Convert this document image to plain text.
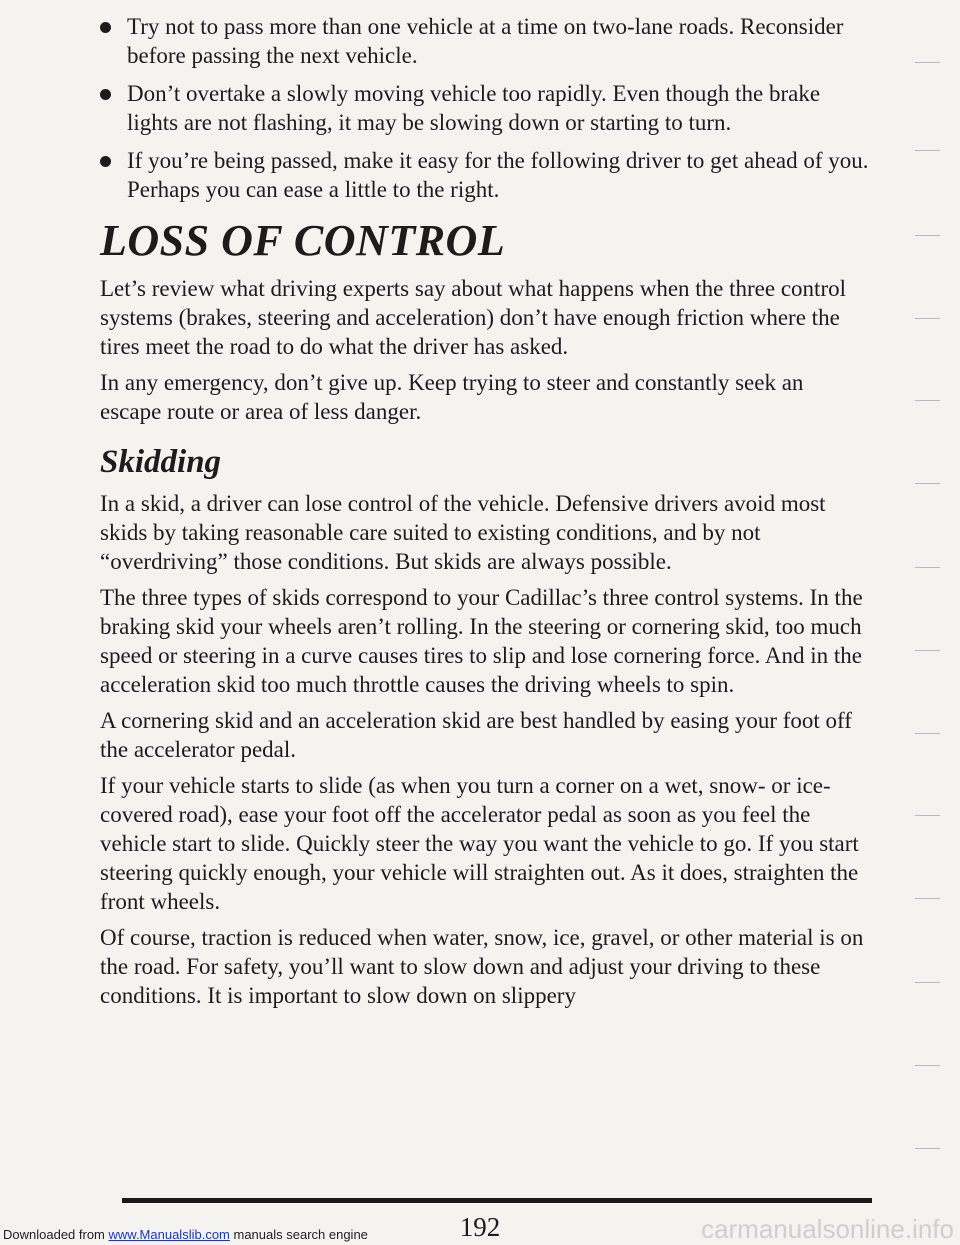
Try not to pass more than one vehicle at a time on two-lane roads. Reconsider before passing the next vehicle.
Don’t overtake a slowly moving vehicle too rapidly. Even though the brake lights are not flashing, it may be slowing down or starting to turn.
If you’re being passed, make it easy for the following driver to get ahead of you. Perhaps you can ease a little to the right.
LOSS OF CONTROL

Let’s review what driving experts say about what happens when the three control systems (brakes, steering and acceleration) don’t have enough friction where the tires meet the road to do what the driver has asked.

In any emergency, don’t give up. Keep trying to steer and constantly seek an escape route or area of less danger.

Skidding

In a skid, a driver can lose control of the vehicle. Defensive drivers avoid most skids by taking reasonable care suited to existing conditions, and by not “overdriving” those conditions. But skids are always possible.

The three types of skids correspond to your Cadillac’s three control systems. In the braking skid your wheels aren’t rolling. In the steering or cornering skid, too much speed or steering in a curve causes tires to slip and lose cornering force. And in the acceleration skid too much throttle causes the driving wheels to spin.

A cornering skid and an acceleration skid are best handled by easing your foot off the accelerator pedal.

If your vehicle starts to slide (as when you turn a corner on a wet, snow- or ice-covered road), ease your foot off the accelerator pedal as soon as you feel the vehicle start to slide. Quickly steer the way you want the vehicle to go. If you start steering quickly enough, your vehicle will straighten out. As it does, straighten the front wheels.

Of course, traction is reduced when water, snow, ice, gravel, or other material is on the road. For safety, you’ll want to slow down and adjust your driving to these conditions. It is important to slow down on slippery

192
Downloaded from www.Manualslib.com manuals search engine	carmanualsonline.info
